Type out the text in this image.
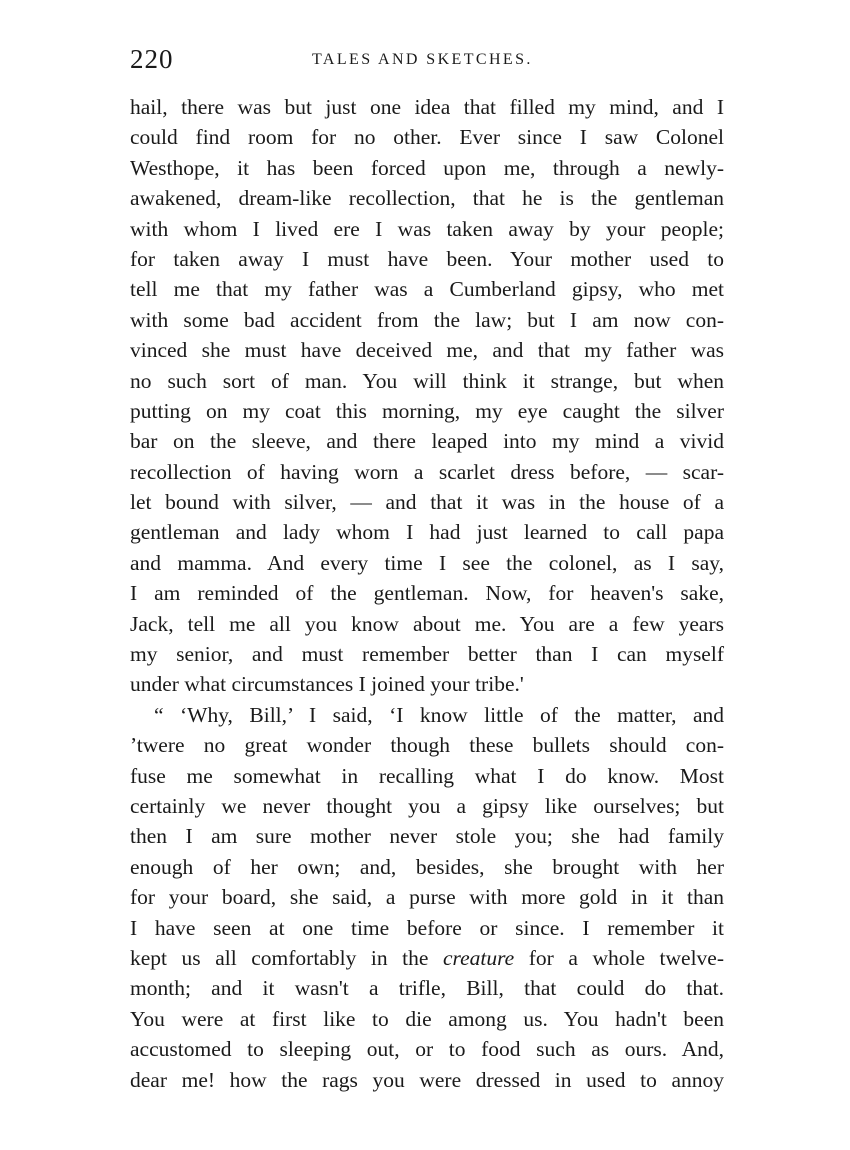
220	TALES AND SKETCHES.
hail, there was but just one idea that filled my mind, and I
could find room for no other. Ever since I saw Colonel
Westhope, it has been forced upon me, through a newly-
awakened, dream-like recollection, that he is the gentleman
with whom I lived ere I was taken away by your people;
for taken away I must have been. Your mother used to
tell me that my father was a Cumberland gipsy, who met
with some bad accident from the law; but I am now con-
vinced she must have deceived me, and that my father was
no such sort of man. You will think it strange, but when
putting on my coat this morning, my eye caught the silver
bar on the sleeve, and there leaped into my mind a vivid
recollection of having worn a scarlet dress before, — scar-
let bound with silver, — and that it was in the house of a
gentleman and lady whom I had just learned to call papa
and mamma. And every time I see the colonel, as I say,
I am reminded of the gentleman. Now, for heaven's sake,
Jack, tell me all you know about me. You are a few years
my senior, and must remember better than I can myself
under what circumstances I joined your tribe.'
“ ‘Why, Bill,’ I said, ‘I know little of the matter, and
’twere no great wonder though these bullets should con-
fuse me somewhat in recalling what I do know. Most
certainly we never thought you a gipsy like ourselves; but
then I am sure mother never stole you; she had family
enough of her own; and, besides, she brought with her
for your board, she said, a purse with more gold in it than
I have seen at one time before or since. I remember it
kept us all comfortably in the creature for a whole twelve-
month; and it wasn't a trifle, Bill, that could do that.
You were at first like to die among us. You hadn't been
accustomed to sleeping out, or to food such as ours. And,
dear me! how the rags you were dressed in used to annoy
